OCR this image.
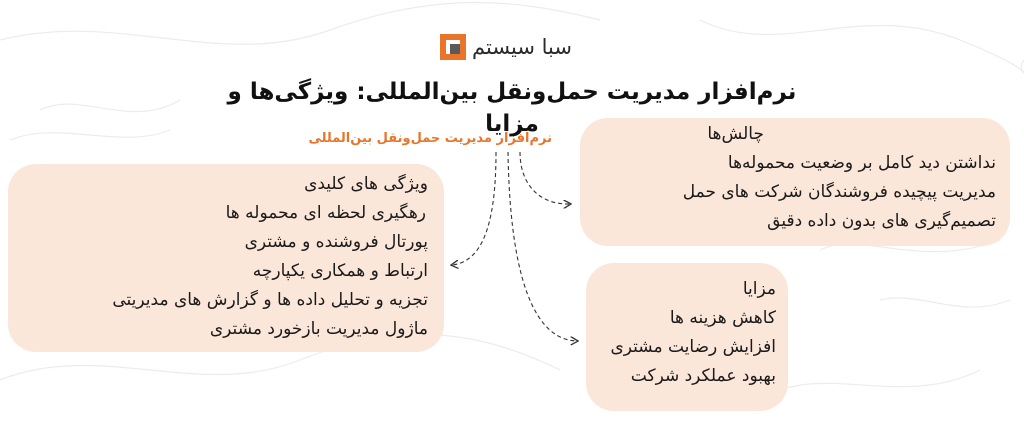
سبا سیستم
نرم‌افزار مدیریت حمل‌ونقل بین‌المللی: ویژگی‌ها و مزایا
نرم‌افزار مدیریت حمل‌ونقل بین‌المللی	چالش‌ها
نداشتن دید کامل بر وضعیت محموله‌ها
مدیریت پیچیده فروشندگان شرکت های حمل
تصمیم‌گیری های بدون داده دقیق
ویژگی های کلیدی
رهگیری لحظه ای محموله ها
پورتال فروشنده و مشتری
ارتباط و همکاری یکپارچه
تجزیه و تحلیل داده ها و گزارش های مدیریتی
ماژول مدیریت بازخورد مشتری
مزایا
کاهش هزینه ها
افزایش رضایت مشتری
بهبود عملکرد شرکت
